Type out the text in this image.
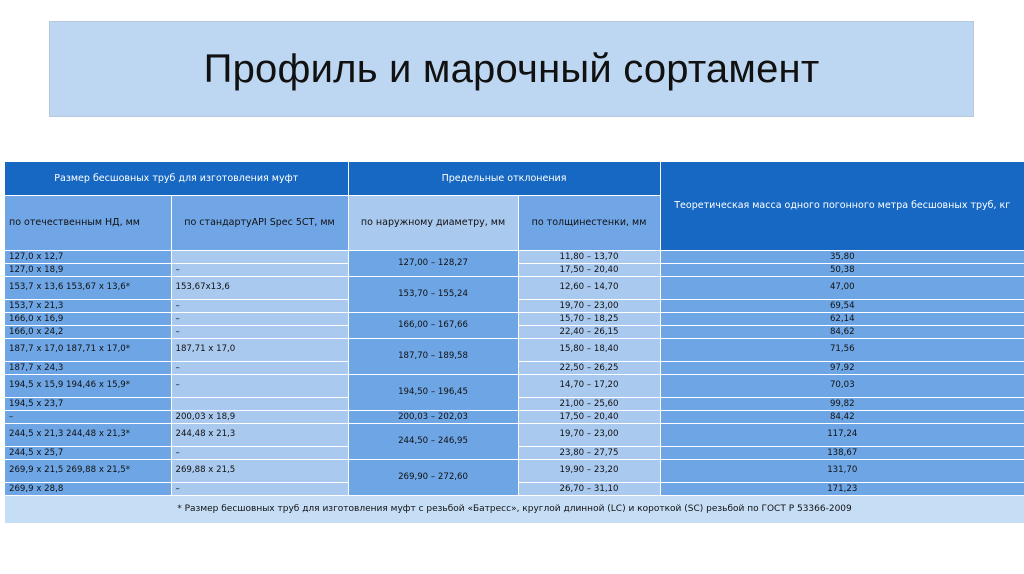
Профиль и марочный сортамент
Размер бесшовных труб для изготовления муфт		Предельные отклонения		Теоретическая масса одного погонного метра бесшовных труб, кг
по отечественным НД, мм	по стандартуAPI Spec 5CT, мм	по наружному диаметру, мм	по толщинестенки, мм	
127,0 x 12,7		127,00 – 128,27	11,80 – 13,70	35,80
127,0 x 18,9	–		17,50 – 20,40	50,38
153,7 x 13,6 153,67 x 13,6*	153,67x13,6	153,70 – 155,24	12,60 – 14,70	47,00
153,7 x 21,3	–		19,70 – 23,00	69,54
166,0 x 16,9	–	166,00 – 167,66	15,70 – 18,25	62,14
166,0 x 24,2	–		22,40 – 26,15	84,62
187,7 x 17,0 187,71 x 17,0*	187,71 x 17,0	187,70 – 189,58	15,80 – 18,40	71,56
187,7 x 24,3	–		22,50 – 26,25	97,92
194,5 x 15,9 194,46 x 15,9*	–	194,50 – 196,45	14,70 – 17,20	70,03
194,5 x 23,7			21,00 – 25,60	99,82
–	200,03 x 18,9	200,03 – 202,03	17,50 – 20,40	84,42
244,5 x 21,3 244,48 x 21,3*	244,48 x 21,3	244,50 – 246,95	19,70 – 23,00	117,24
244,5 x 25,7	–		23,80 – 27,75	138,67
269,9 x 21,5 269,88 x 21,5*	269,88 x 21,5	269,90 – 272,60	19,90 – 23,20	131,70
269,9 x 28,8	–		26,70 – 31,10	171,23
* Размер бесшовных труб для изготовления муфт с резьбой «Батресс», круглой длинной (LC) и короткой (SC) резьбой по ГОСТ Р 53366-2009				
